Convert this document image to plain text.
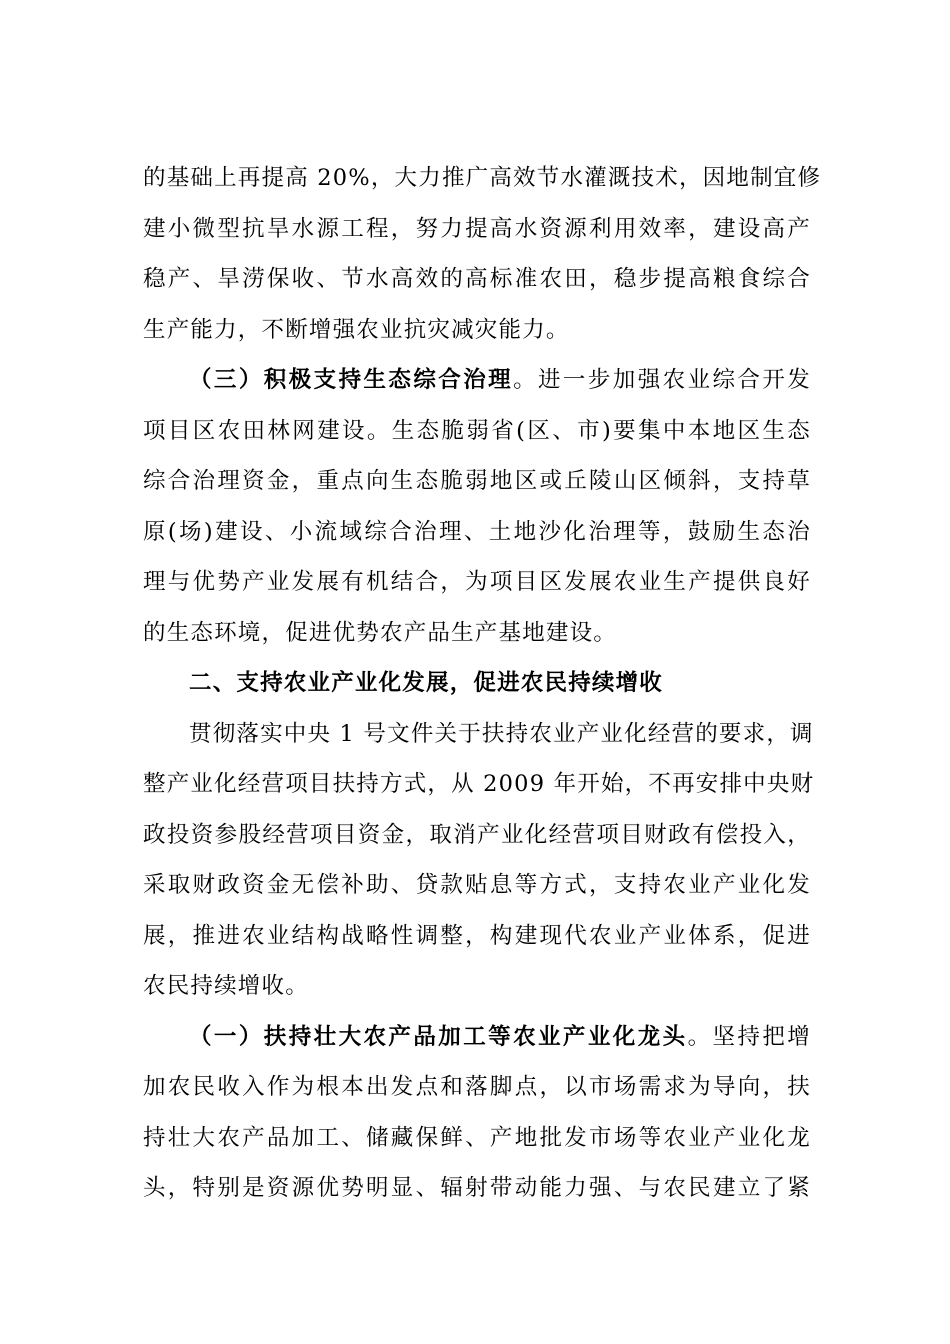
的基础上再提高 20%，大力推广高效节水灌溉技术，因地制宜修
建小微型抗旱水源工程，努力提高水资源利用效率，建设高产
稳产、旱涝保收、节水高效的高标准农田，稳步提高粮食综合
生产能力，不断增强农业抗灾减灾能力。
（三）积极支持生态综合治理。进一步加强农业综合开发
项目区农田林网建设。生态脆弱省(区、市)要集中本地区生态
综合治理资金，重点向生态脆弱地区或丘陵山区倾斜，支持草
原(场)建设、小流域综合治理、土地沙化治理等，鼓励生态治
理与优势产业发展有机结合，为项目区发展农业生产提供良好
的生态环境，促进优势农产品生产基地建设。
二、支持农业产业化发展，促进农民持续增收
贯彻落实中央 1 号文件关于扶持农业产业化经营的要求，调
整产业化经营项目扶持方式，从 2009 年开始，不再安排中央财
政投资参股经营项目资金，取消产业化经营项目财政有偿投入，
采取财政资金无偿补助、贷款贴息等方式，支持农业产业化发
展，推进农业结构战略性调整，构建现代农业产业体系，促进
农民持续增收。
（一）扶持壮大农产品加工等农业产业化龙头。坚持把增
加农民收入作为根本出发点和落脚点，以市场需求为导向，扶
持壮大农产品加工、储藏保鲜、产地批发市场等农业产业化龙
头，特别是资源优势明显、辐射带动能力强、与农民建立了紧
